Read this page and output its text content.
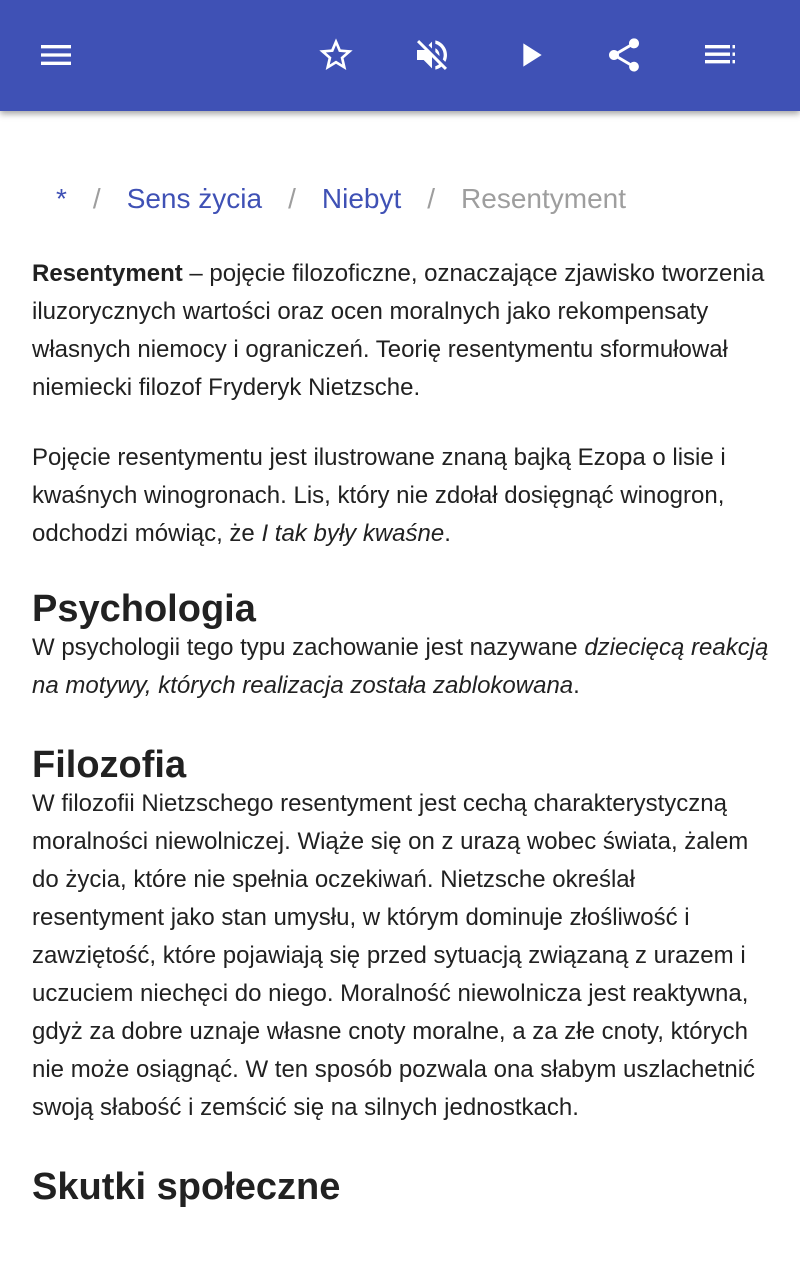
* / Sens życia / Niebyt / Resentyment

Resentyment – pojęcie filozoficzne, oznaczające zjawisko tworzenia iluzorycznych wartości oraz ocen moralnych jako rekompensaty własnych niemocy i ograniczeń. Teorię resentymentu sformułował niemiecki filozof Fryderyk Nietzsche.

Pojęcie resentymentu jest ilustrowane znaną bajką Ezopa o lisie i kwaśnych winogronach. Lis, który nie zdołał dosięgnąć winogron, odchodzi mówiąc, że I tak były kwaśne.

Psychologia

W psychologii tego typu zachowanie jest nazywane dziecięcą reakcją na motywy, których realizacja została zablokowana.

Filozofia

W filozofii Nietzschego resentyment jest cechą charakterystyczną moralności niewolniczej. Wiąże się on z urazą wobec świata, żalem do życia, które nie spełnia oczekiwań. Nietzsche określał resentyment jako stan umysłu, w którym dominuje złośliwość i zawziętość, które pojawiają się przed sytuacją związaną z urazem i uczuciem niechęci do niego. Moralność niewolnicza jest reaktywna, gdyż za dobre uznaje własne cnoty moralne, a za złe cnoty, których nie może osiągnąć. W ten sposób pozwala ona słabym uszlachetnić swoją słabość i zemścić się na silnych jednostkach.

Skutki społeczne
